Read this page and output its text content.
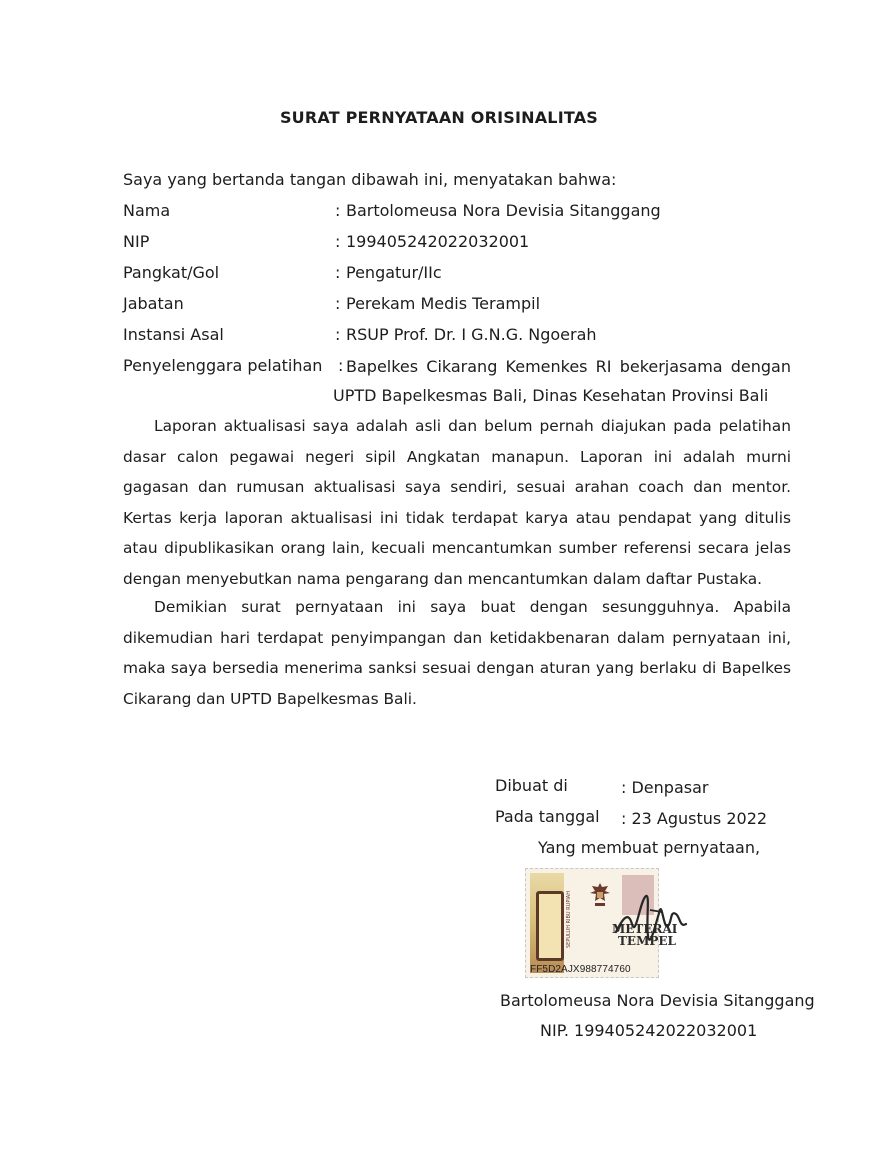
SURAT PERNYATAAN ORISINALITAS
Saya yang bertanda tangan dibawah ini, menyatakan bahwa:
Nama	: Bartolomeusa Nora Devisia Sitanggang
NIP	: 199405242022032001
Pangkat/Gol	: Pengatur/IIc
Jabatan	: Perekam Medis Terampil
Instansi Asal	: RSUP Prof. Dr. I G.N.G. Ngoerah
Penyelenggara pelatihan : Bapelkes Cikarang Kemenkes RI bekerjasama dengan UPTD Bapelkesmas Bali, Dinas Kesehatan Provinsi Bali
Laporan aktualisasi saya adalah asli dan belum pernah diajukan pada pelatihan dasar calon pegawai negeri sipil Angkatan manapun. Laporan ini adalah murni gagasan dan rumusan aktualisasi saya sendiri, sesuai arahan coach dan mentor. Kertas kerja laporan aktualisasi ini tidak terdapat karya atau pendapat yang ditulis atau dipublikasikan orang lain, kecuali mencantumkan sumber referensi secara jelas dengan menyebutkan nama pengarang dan mencantumkan dalam daftar Pustaka.
Demikian surat pernyataan ini saya buat dengan sesungguhnya. Apabila dikemudian hari terdapat penyimpangan dan ketidakbenaran dalam pernyataan ini, maka saya bersedia menerima sanksi sesuai dengan aturan yang berlaku di Bapelkes Cikarang dan UPTD Bapelkesmas Bali.
Dibuat di	: Denpasar
Pada tanggal : 23 Agustus 2022
Yang membuat pernyataan,
SEPULUH RIBU RUPIAH	METERAI
TEMPEL
FF5D2AJX988774760
Bartolomeusa Nora Devisia Sitanggang
NIP. 199405242022032001
